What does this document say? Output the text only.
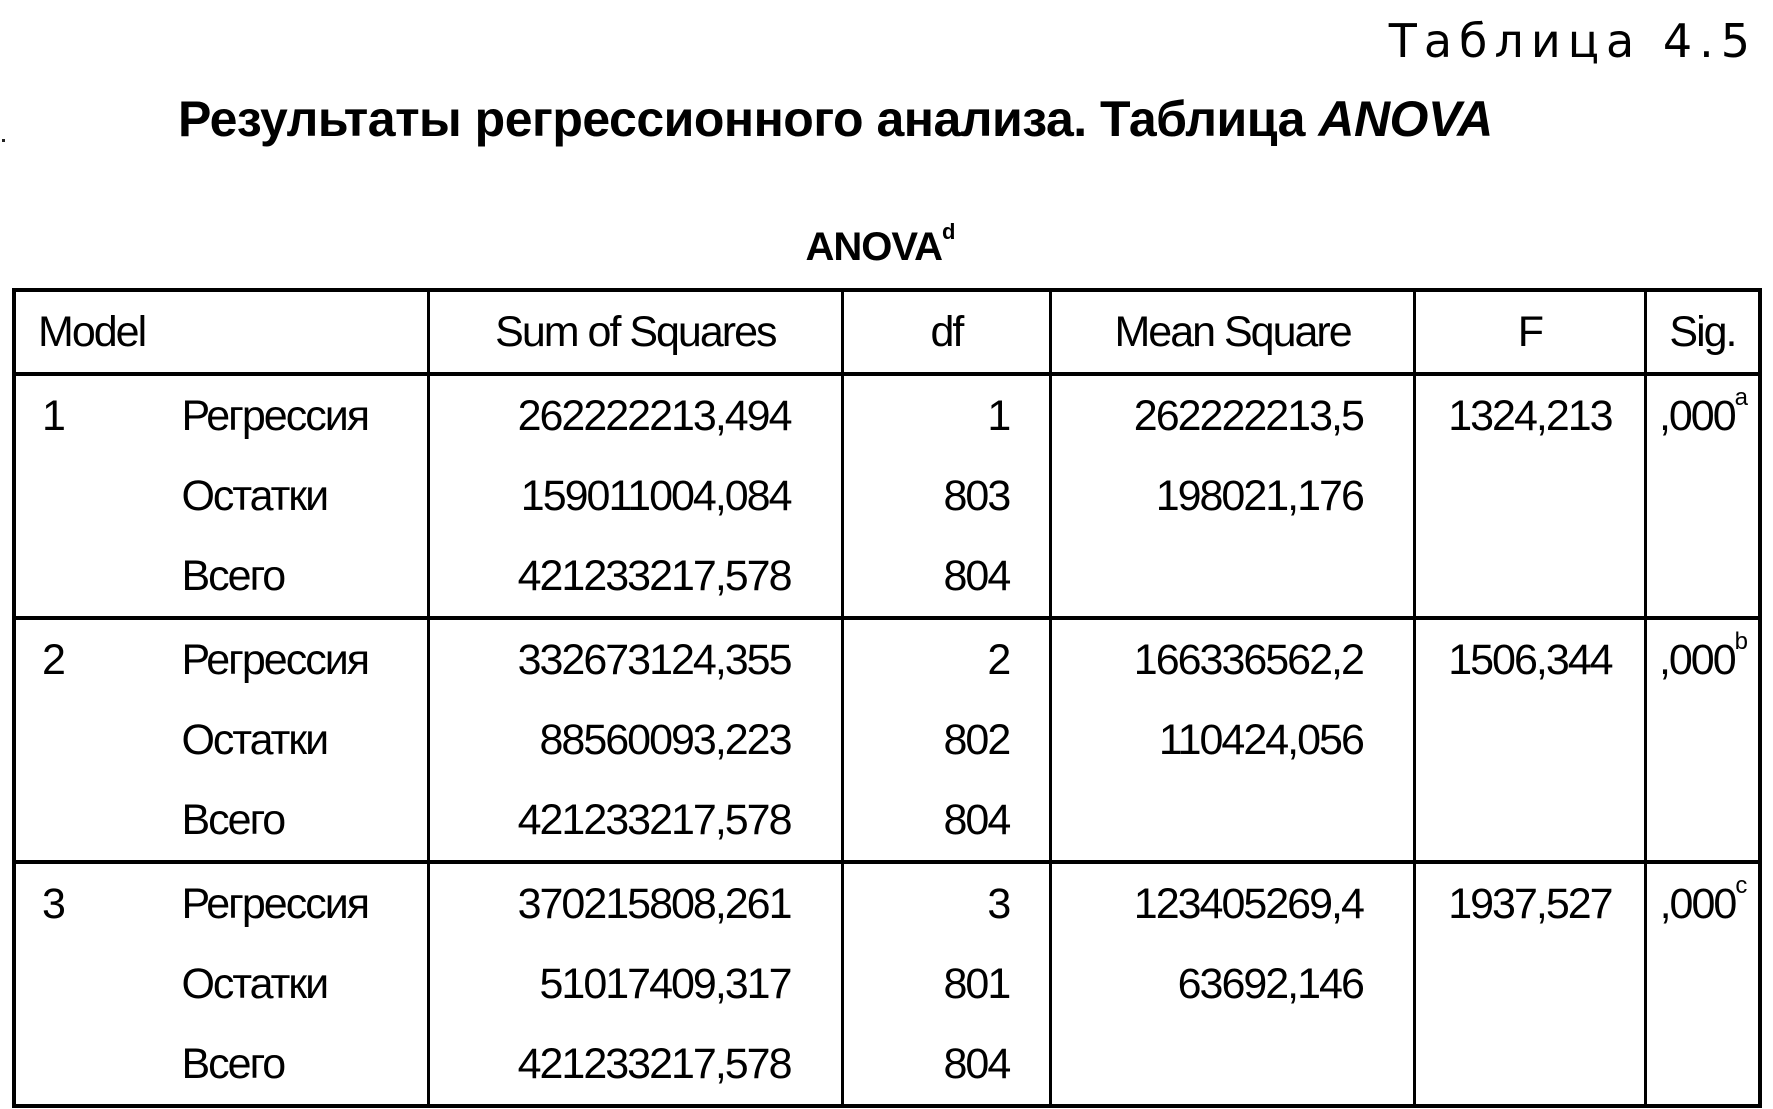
Таблица 4.5
Результаты регрессионного анализа. Таблица ANOVA
ANOVA$^d$
Model		Sum of Squares	df	Mean Square	F	Sig.
1	Регрессия	262222213,494	1	262222213,5	1324,213	,000$^a$
	Остатки	159011004,084	803	198021,176		
	Всего	421233217,578	804			
2	Регрессия	332673124,355	2	166336562,2	1506,344	,000$^b$
	Остатки	88560093,223	802	110424,056		
	Всего	421233217,578	804			
3	Регрессия	370215808,261	3	123405269,4	1937,527	,000$^c$
	Остатки	51017409,317	801	63692,146		
	Всего	421233217,578	804			
